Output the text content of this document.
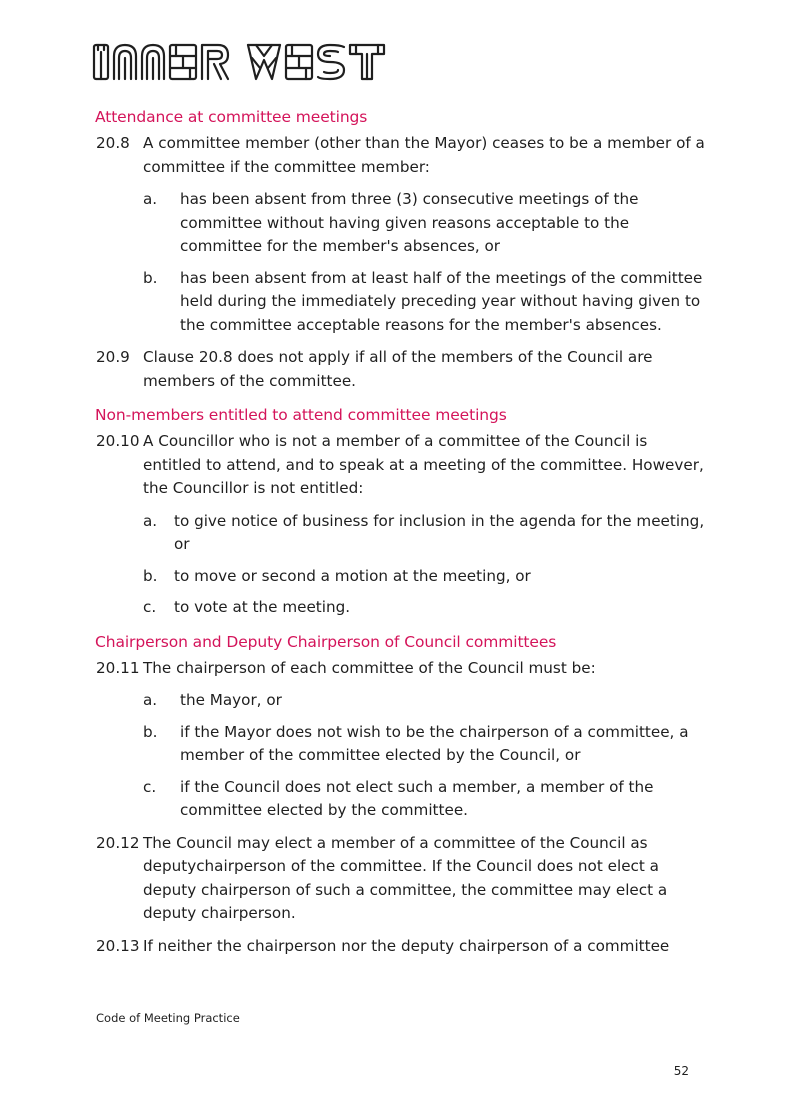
Attendance at committee meetings
20.8 A committee member (other than the Mayor) ceases to be a member of a committee if the committee member:
a.	has been absent from three (3) consecutive meetings of the committee without having given reasons acceptable to the committee for the member's absences, or
b.	has been absent from at least half of the meetings of the committee held during the immediately preceding year without having given to the committee acceptable reasons for the member's absences.
20.9 Clause 20.8 does not apply if all of the members of the Council are members of the committee.
Non-members entitled to attend committee meetings
20.10 A Councillor who is not a member of a committee of the Council is entitled to attend, and to speak at a meeting of the committee. However, the Councillor is not entitled:
a.	to give notice of business for inclusion in the agenda for the meeting, or
b.	to move or second a motion at the meeting, or
c.	to vote at the meeting.
Chairperson and Deputy Chairperson of Council committees
20.11 The chairperson of each committee of the Council must be:
a.	the Mayor, or
b.	if the Mayor does not wish to be the chairperson of a committee, a member of the committee elected by the Council, or
c.	if the Council does not elect such a member, a member of the committee elected by the committee.
20.12 The Council may elect a member of a committee of the Council as deputychairperson of the committee. If the Council does not elect a deputy chairperson of such a committee, the committee may elect a deputy chairperson.
20.13 If neither the chairperson nor the deputy chairperson of a committee
Code of Meeting Practice
52
